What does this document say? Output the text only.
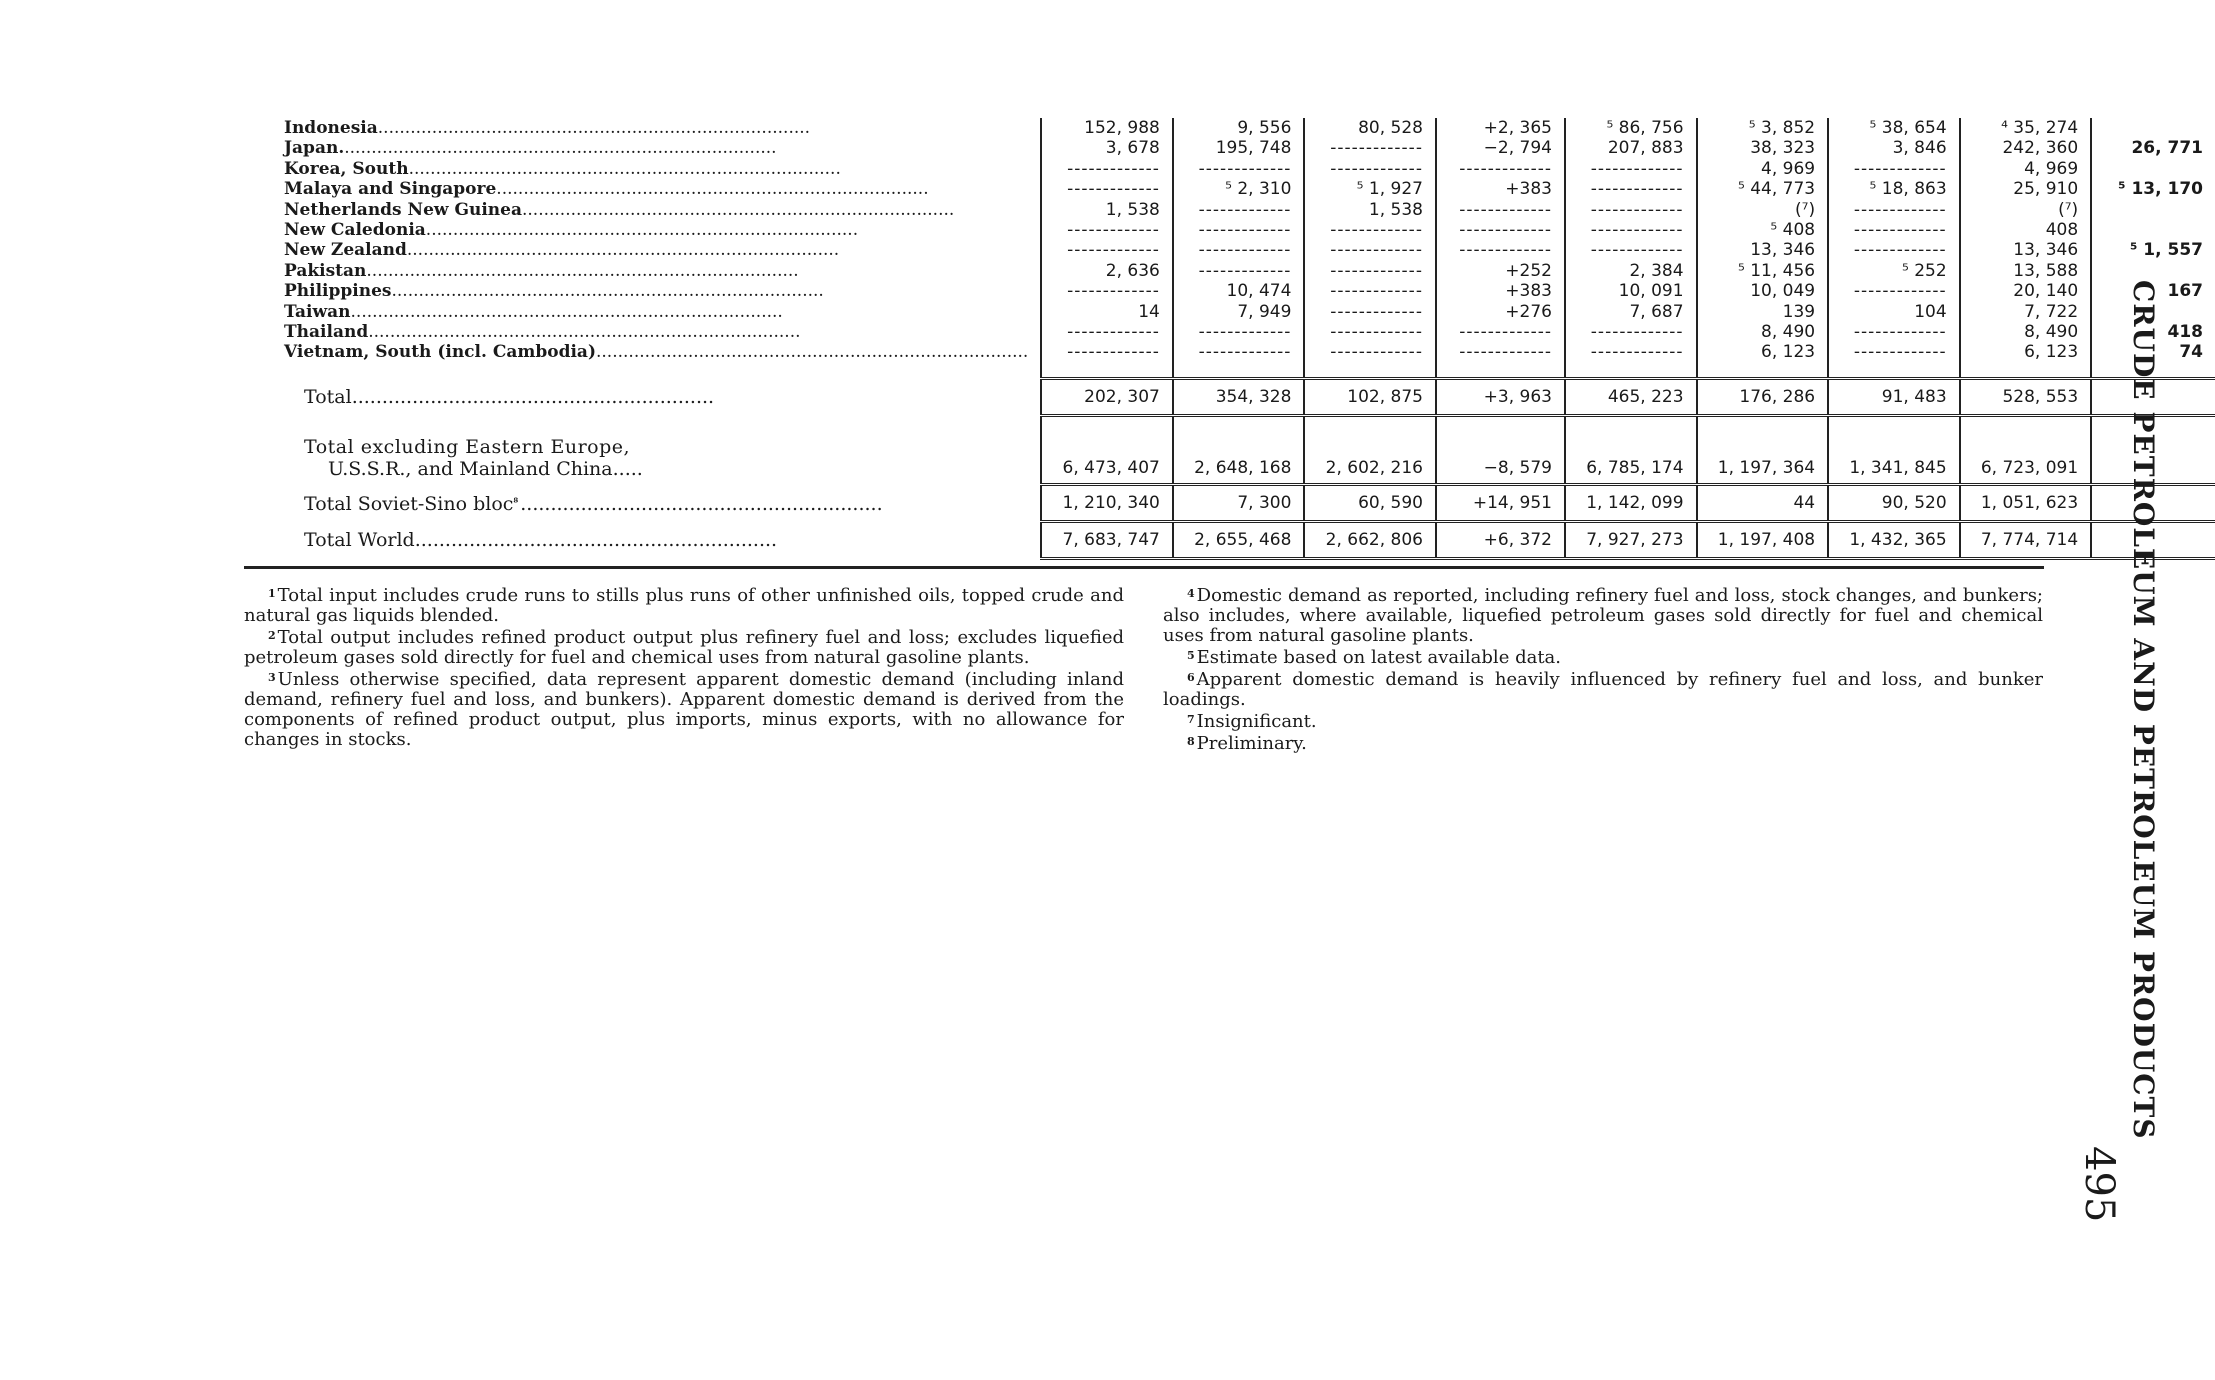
Indonesia................................................................................	152, 988	9, 556	80, 528	+2, 365	⁵ 86, 756	⁵ 3, 852	⁵ 38, 654	⁴ 35, 274	
Japan.................................................................................	3, 678	195, 748	-------------	−2, 794	207, 883	38, 323	3, 846	242, 360	26, 771
Korea, South................................................................................	-------------	-------------	-------------	-------------	-------------	4, 969	-------------	4, 969	
Malaya and Singapore................................................................................	-------------	⁵ 2, 310	⁵ 1, 927	+383	-------------	⁵ 44, 773	⁵ 18, 863	25, 910	⁵ 13, 170
Netherlands New Guinea................................................................................	1, 538	-------------	1, 538	-------------	-------------	(⁷)	-------------	(⁷)	
New Caledonia................................................................................	-------------	-------------	-------------	-------------	-------------	⁵ 408	-------------	408	
New Zealand................................................................................	-------------	-------------	-------------	-------------	-------------	13, 346	-------------	13, 346	⁵ 1, 557
Pakistan................................................................................	2, 636	-------------	-------------	+252	2, 384	⁵ 11, 456	⁵ 252	13, 588	
Philippines................................................................................	-------------	10, 474	-------------	+383	10, 091	10, 049	-------------	20, 140	167
Taiwan................................................................................	14	7, 949	-------------	+276	7, 687	139	104	7, 722	
Thailand................................................................................	-------------	-------------	-------------	-------------	-------------	8, 490	-------------	8, 490	418
Vietnam, South (incl. Cambodia)................................................................................	-------------	-------------	-------------	-------------	-------------	6, 123	-------------	6, 123	74

Total............................................................	202, 307	354, 328	102, 875	+3, 963	465, 223	176, 286	91, 483	528, 553	

Total excluding Eastern Europe,
U.S.S.R., and Mainland China.....	6, 473, 407	2, 648, 168	2, 602, 216	−8, 579	6, 785, 174	1, 197, 364	1, 341, 845	6, 723, 091	

Total Soviet-Sino bloc$^{^8}$ ............................................................	1, 210, 340	7, 300	60, 590	+14, 951	1, 142, 099	44	90, 520	1, 051, 623	

Total World............................................................	7, 683, 747	2, 655, 468	2, 662, 806	+6, 372	7, 927, 273	1, 197, 408	1, 432, 365	7, 774, 714	

$^1$ Total input includes crude runs to stills plus runs of other unfinished oils, topped crude and natural gas liquids blended.

$^2$ Total output includes refined product output plus refinery fuel and loss; excludes liquefied petroleum gases sold directly for fuel and chemical uses from natural gasoline plants.

$^3$ Unless otherwise specified, data represent apparent domestic demand (including inland demand, refinery fuel and loss, and bunkers). Apparent domestic demand is derived from the components of refined product output, plus imports, minus exports, with no allowance for changes in stocks.

$^4$ Domestic demand as reported, including refinery fuel and loss, stock changes, and bunkers; also includes, where available, liquefied petroleum gases sold directly for fuel and chemical uses from natural gasoline plants.

$^5$ Estimate based on latest available data.

$^6$ Apparent domestic demand is heavily influenced by refinery fuel and loss, and bunker loadings.

$^7$ Insignificant.

$^8$ Preliminary.	CRUDE PETROLEUM AND PETROLEUM PRODUCTS
495
